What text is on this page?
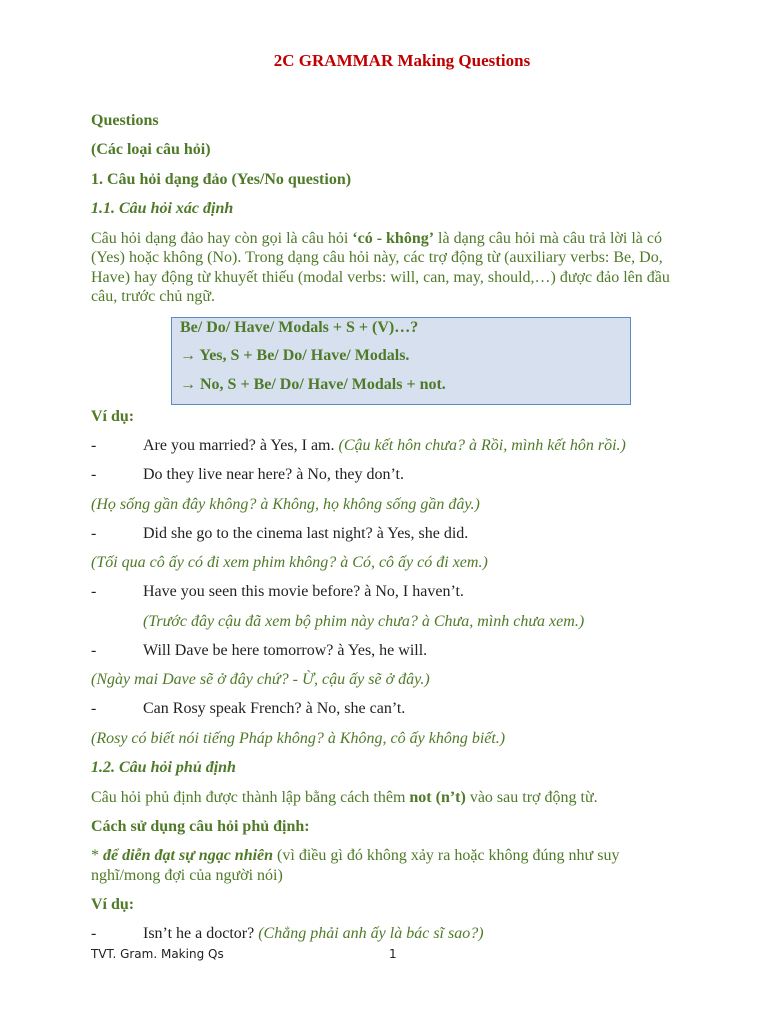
2C GRAMMAR Making Questions
Questions
(Các loại câu hỏi)
1. Câu hỏi dạng đảo (Yes/No question)
1.1. Câu hỏi xác định
Câu hỏi dạng đảo hay còn gọi là câu hỏi ‘có - không’ là dạng câu hỏi mà câu trả lời là có
(Yes) hoặc không (No). Trong dạng câu hỏi này, các trợ động từ (auxiliary verbs: Be, Do,
Have) hay động từ khuyết thiếu (modal verbs: will, can, may, should,…) được đảo lên đầu
câu, trước chủ ngữ.
Be/ Do/ Have/ Modals + S + (V)…?
→ Yes, S + Be/ Do/ Have/ Modals.
→ No, S + Be/ Do/ Have/ Modals + not.
Ví dụ:
-	Are you married? à Yes, I am. (Cậu kết hôn chưa? à Rồi, mình kết hôn rồi.)
-	Do they live near here? à No, they don’t.
(Họ sống gần đây không? à Không, họ không sống gần đây.)
-	Did she go to the cinema last night? à Yes, she did.
(Tối qua cô ấy có đi xem phim không? à Có, cô ấy có đi xem.)
-	Have you seen this movie before? à No, I haven’t.
(Trước đây cậu đã xem bộ phim này chưa? à Chưa, mình chưa xem.)
-	Will Dave be here tomorrow? à Yes, he will.
(Ngày mai Dave sẽ ở đây chứ? - Ừ, cậu ấy sẽ ở đây.)
-	Can Rosy speak French? à No, she can’t.
(Rosy có biết nói tiếng Pháp không? à Không, cô ấy không biết.)
1.2. Câu hỏi phủ định
Câu hỏi phủ định được thành lập bằng cách thêm not (n’t) vào sau trợ động từ.
Cách sử dụng câu hỏi phủ định:
* để diễn đạt sự ngạc nhiên (vì điều gì đó không xảy ra hoặc không đúng như suy
nghĩ/mong đợi của người nói)
Ví dụ:
-	Isn’t he a doctor? (Chẳng phải anh ấy là bác sĩ sao?)
TVT. Gram. Making Qs	1
